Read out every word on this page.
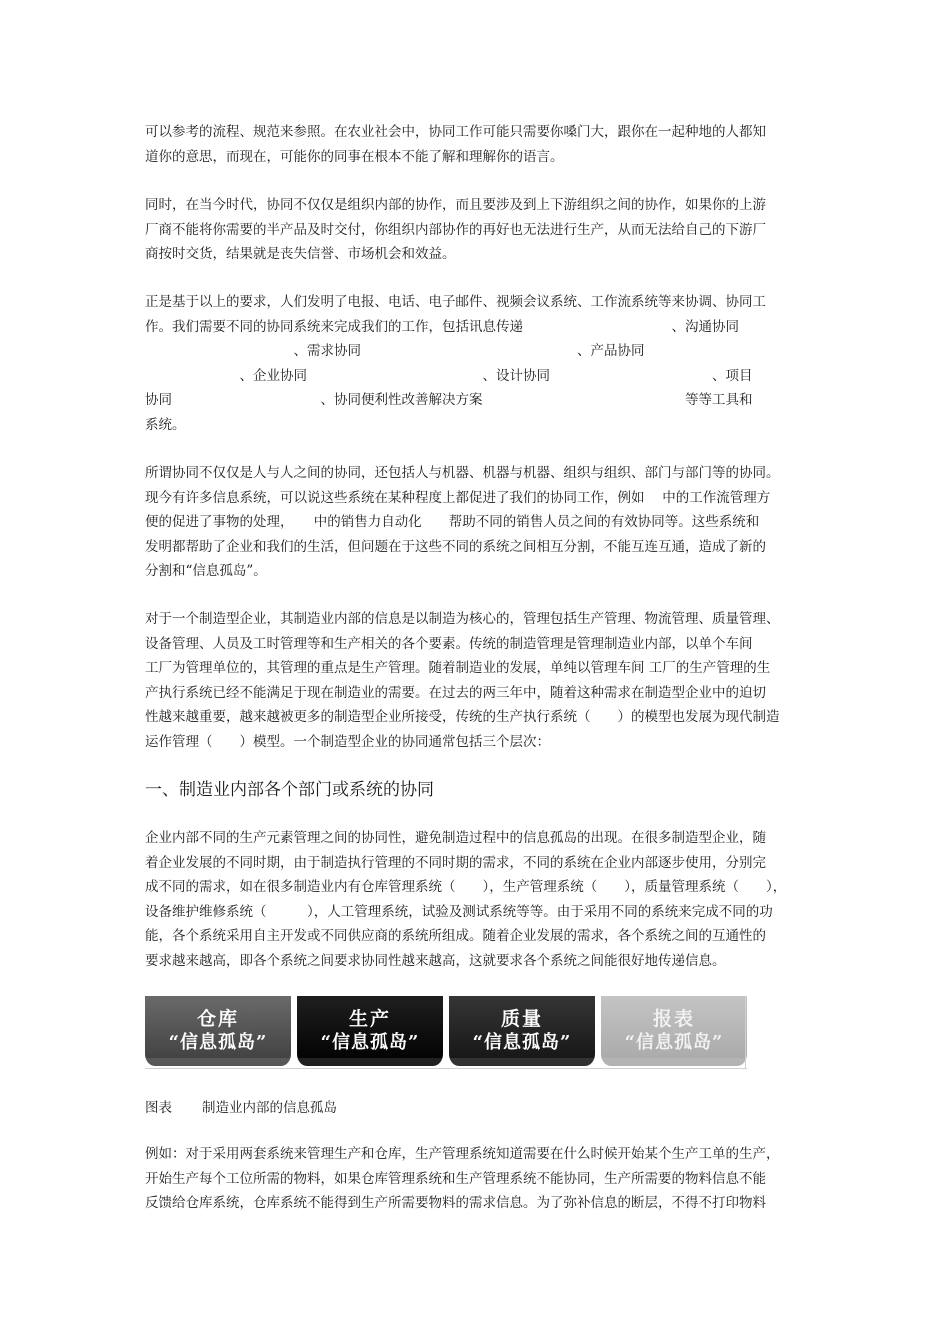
可以参考的流程、规范来参照。在农业社会中，协同工作可能只需要你嗓门大，跟你在一起种地的人都知
道你的意思，而现在，可能你的同事在根本不能了解和理解你的语言。
同时，在当今时代，协同不仅仅是组织内部的协作，而且要涉及到上下游组织之间的协作，如果你的上游
厂商不能将你需要的半产品及时交付，你组织内部协作的再好也无法进行生产，从而无法给自己的下游厂
商按时交货，结果就是丧失信誉、市场机会和效益。
正是基于以上的要求，人们发明了电报、电话、电子邮件、视频会议系统、工作流系统等来协调、协同工
作。我们需要不同的协同系统来完成我们的工作，包括讯息传递　　　　　　　　　　　、沟通协同
　　　　　　　　　　　、需求协同　　　　　　　　　　　　　　　　、产品协同
　　　　　　　、企业协同　　　　　　　　　　　　　、设计协同　　　　　　　　　　　　、项目
协同　　　　　　　　　　　、协同便利性改善解决方案　　　　　　　　　　　　　　　等等工具和
系统。
所谓协同不仅仅是人与人之间的协同，还包括人与机器、机器与机器、组织与组织、部门与部门等的协同。
现今有许多信息系统，可以说这些系统在某种程度上都促进了我们的协同工作，例如　 中的工作流管理方
便的促进了事物的处理，　　中的销售力自动化　　帮助不同的销售人员之间的有效协同等。这些系统和
发明都帮助了企业和我们的生活，但问题在于这些不同的系统之间相互分割，不能互连互通，造成了新的
分割和“信息孤岛”。
对于一个制造型企业，其制造业内部的信息是以制造为核心的，管理包括生产管理、物流管理、质量管理、
设备管理、人员及工时管理等和生产相关的各个要素。传统的制造管理是管理制造业内部，以单个车间
工厂为管理单位的，其管理的重点是生产管理。随着制造业的发展，单纯以管理车间 工厂的生产管理的生
产执行系统已经不能满足于现在制造业的需要。在过去的两三年中，随着这种需求在制造型企业中的迫切
性越来越重要，越来越被更多的制造型企业所接受，传统的生产执行系统（　　）的模型也发展为现代制造
运作管理（　　）模型。一个制造型企业的协同通常包括三个层次：
一、制造业内部各个部门或系统的协同
企业内部不同的生产元素管理之间的协同性，避免制造过程中的信息孤岛的出现。在很多制造型企业，随
着企业发展的不同时期，由于制造执行管理的不同时期的需求，不同的系统在企业内部逐步使用，分别完
成不同的需求，如在很多制造业内有仓库管理系统（　　），生产管理系统（　　），质量管理系统（　　），
设备维护维修系统（　　　），人工管理系统，试验及测试系统等等。由于采用不同的系统来完成不同的功
能，各个系统采用自主开发或不同供应商的系统所组成。随着企业发展的需求，各个系统之间的互通性的
要求越来越高，即各个系统之间要求协同性越来越高，这就要求各个系统之间能很好地传递信息。
仓库
“信息孤岛”
生产
“信息孤岛”
质量
“信息孤岛”
报表
“信息孤岛”

图表 制造业内部的信息孤岛

例如：对于采用两套系统来管理生产和仓库，生产管理系统知道需要在什么时候开始某个生产工单的生产，
开始生产每个工位所需的物料，如果仓库管理系统和生产管理系统不能协同，生产所需要的物料信息不能
反馈给仓库系统，仓库系统不能得到生产所需要物料的需求信息。为了弥补信息的断层，不得不打印物料
